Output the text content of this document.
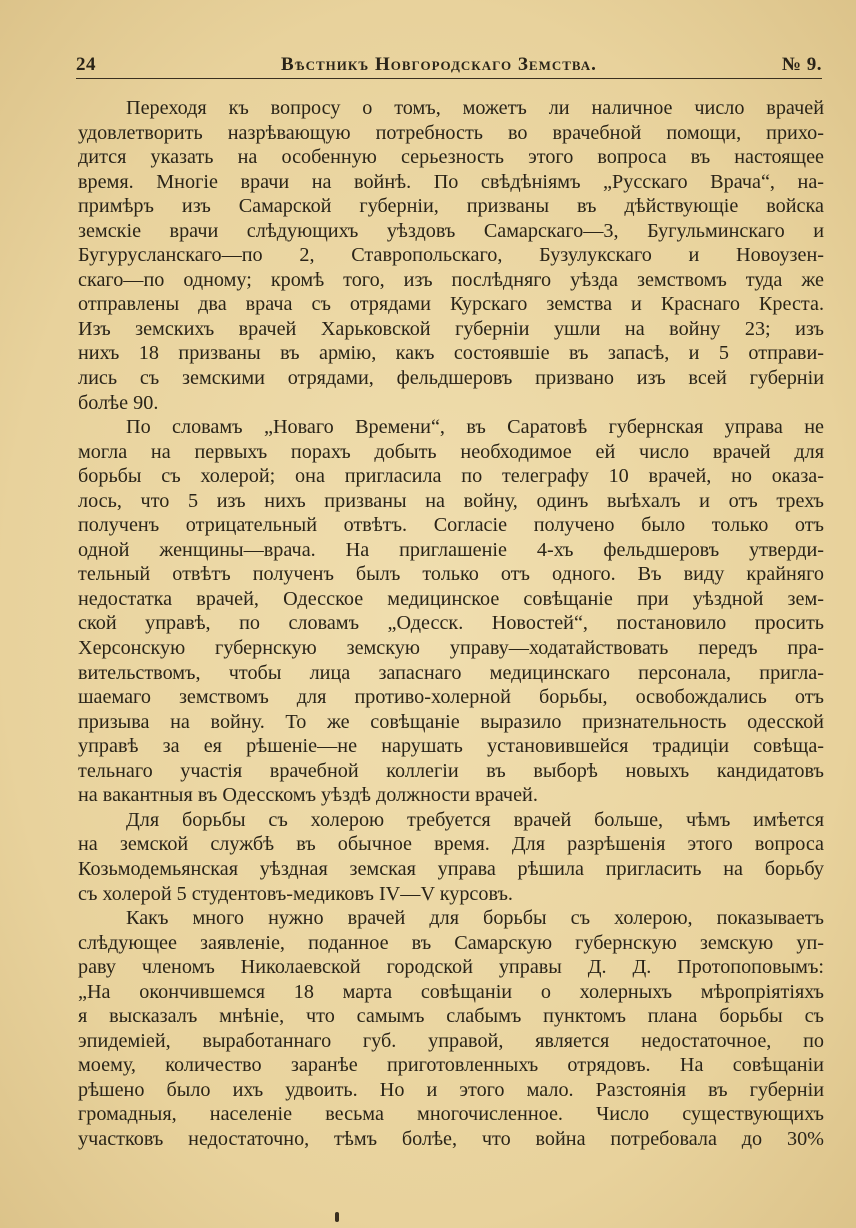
24	Вѣстникъ Новгородскаго Земства.	№ 9.
Переходя къ вопросу о томъ, можетъ ли наличное число врачей
удовлетворить назрѣвающую потребность во врачебной помощи, прихо-
дится указать на особенную серьезность этого вопроса въ настоящее
время. Многіе врачи на войнѣ. По свѣдѣніямъ „Русскаго Врача“, на-
примѣръ изъ Самарской губерніи, призваны въ дѣйствующіе войска
земскіе врачи слѣдующихъ уѣздовъ Самарскаго—3, Бугульминскаго и
Бугурусланскаго—по 2, Ставропольскаго, Бузулукскаго и Новоузен-
скаго—по одному; кромѣ того, изъ послѣдняго уѣзда земствомъ туда же
отправлены два врача съ отрядами Курскаго земства и Краснаго Креста.
Изъ земскихъ врачей Харьковской губерніи ушли на войну 23; изъ
нихъ 18 призваны въ армію, какъ состоявшіе въ запасѣ, и 5 отправи-
лись съ земскими отрядами, фельдшеровъ призвано изъ всей губерніи
болѣе 90.
По словамъ „Новаго Времени“, въ Саратовѣ губернская управа не
могла на первыхъ порахъ добыть необходимое ей число врачей для
борьбы съ холерой; она пригласила по телеграфу 10 врачей, но оказа-
лось, что 5 изъ нихъ призваны на войну, одинъ выѣхалъ и отъ трехъ
полученъ отрицательный отвѣтъ. Согласіе получено было только отъ
одной женщины—врача. На приглашеніе 4-хъ фельдшеровъ утверди-
тельный отвѣтъ полученъ былъ только отъ одного. Въ виду крайняго
недостатка врачей, Одесское медицинское совѣщаніе при уѣздной зем-
ской управѣ, по словамъ „Одесск. Новостей“, постановило просить
Херсонскую губернскую земскую управу—ходатайствовать передъ пра-
вительствомъ, чтобы лица запаснаго медицинскаго персонала, пригла-
шаемаго земствомъ для противо-холерной борьбы, освобождались отъ
призыва на войну. То же совѣщаніе выразило признательность одесской
управѣ за ея рѣшеніе—не нарушать установившейся традиціи совѣща-
тельнаго участія врачебной коллегіи въ выборѣ новыхъ кандидатовъ
на вакантныя въ Одесскомъ уѣздѣ должности врачей.
Для борьбы съ холерою требуется врачей больше, чѣмъ имѣется
на земской службѣ въ обычное время. Для разрѣшенія этого вопроса
Козьмодемьянская уѣздная земская управа рѣшила пригласить на борьбу
съ холерой 5 студентовъ-медиковъ IV—V курсовъ.
Какъ много нужно врачей для борьбы съ холерою, показываетъ
слѣдующее заявленіе, поданное въ Самарскую губернскую земскую уп-
раву членомъ Николаевской городской управы Д. Д. Протопоповымъ:
„На окончившемся 18 марта совѣщаніи о холерныхъ мѣропріятіяхъ
я высказалъ мнѣніе, что самымъ слабымъ пунктомъ плана борьбы съ
эпидеміей, выработаннаго губ. управой, является недостаточное, по
моему, количество заранѣе приготовленныхъ отрядовъ. На совѣщаніи
рѣшено было ихъ удвоить. Но и этого мало. Разстоянія въ губерніи
громадныя, населеніе весьма многочисленное. Число существующихъ
участковъ недостаточно, тѣмъ болѣе, что война потребовала до 30%
